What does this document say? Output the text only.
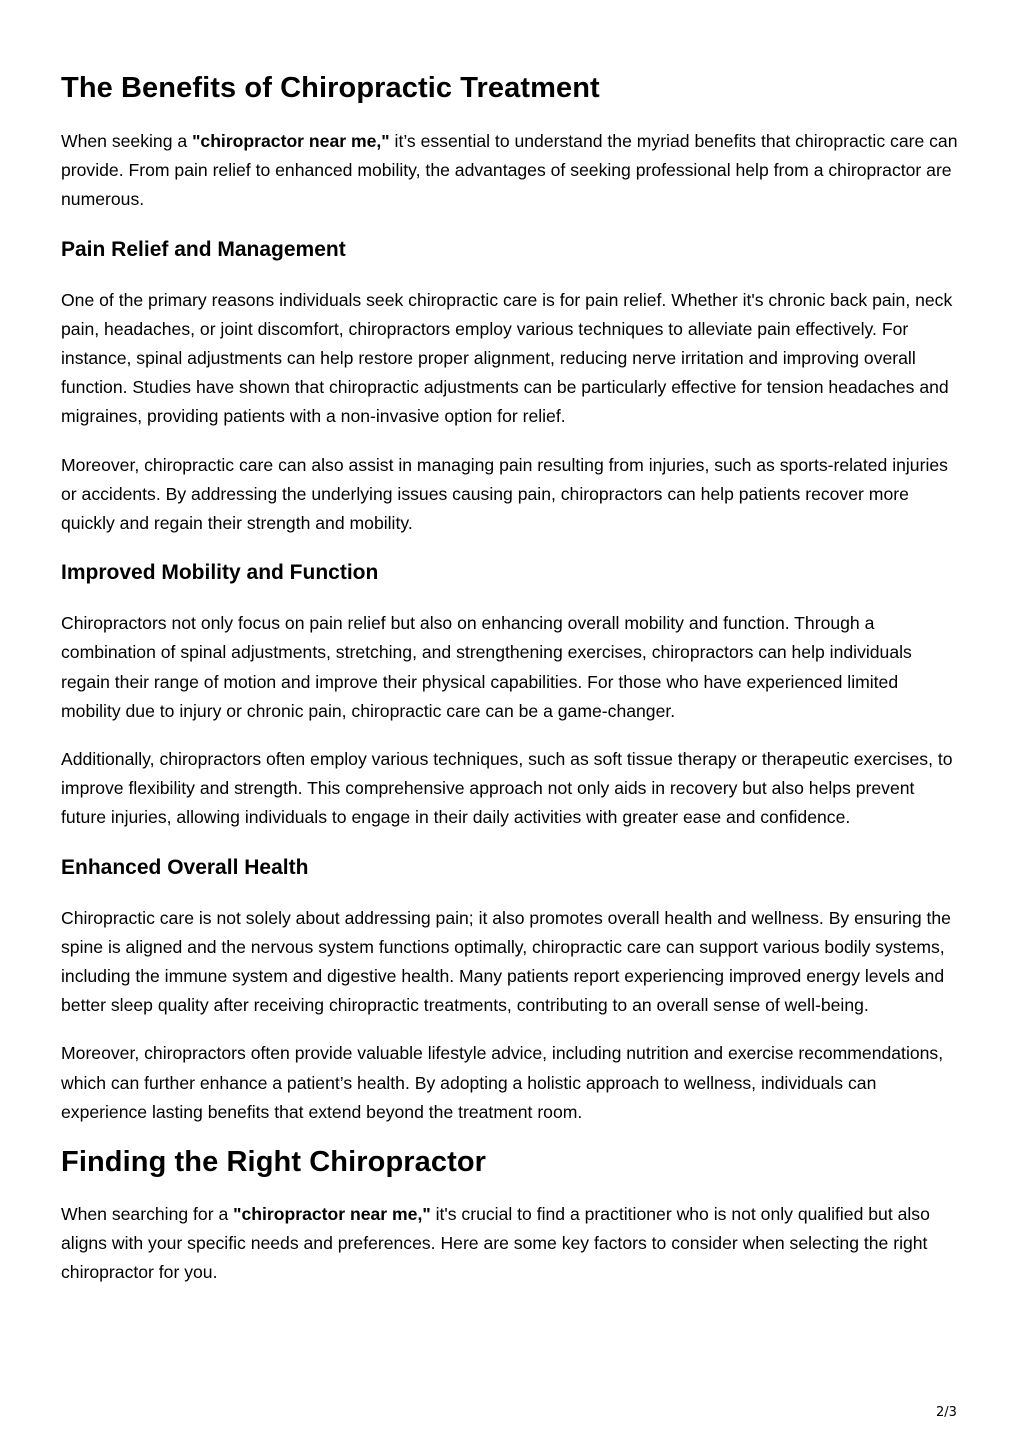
The Benefits of Chiropractic Treatment

When seeking a "chiropractor near me," it’s essential to understand the myriad benefits that chiropractic care can provide. From pain relief to enhanced mobility, the advantages of seeking professional help from a chiropractor are numerous.

Pain Relief and Management

One of the primary reasons individuals seek chiropractic care is for pain relief. Whether it's chronic back pain, neck pain, headaches, or joint discomfort, chiropractors employ various techniques to alleviate pain effectively. For instance, spinal adjustments can help restore proper alignment, reducing nerve irritation and improving overall function. Studies have shown that chiropractic adjustments can be particularly effective for tension headaches and migraines, providing patients with a non-invasive option for relief.

Moreover, chiropractic care can also assist in managing pain resulting from injuries, such as sports-related injuries or accidents. By addressing the underlying issues causing pain, chiropractors can help patients recover more quickly and regain their strength and mobility.

Improved Mobility and Function

Chiropractors not only focus on pain relief but also on enhancing overall mobility and function. Through a combination of spinal adjustments, stretching, and strengthening exercises, chiropractors can help individuals regain their range of motion and improve their physical capabilities. For those who have experienced limited mobility due to injury or chronic pain, chiropractic care can be a game-changer.

Additionally, chiropractors often employ various techniques, such as soft tissue therapy or therapeutic exercises, to improve flexibility and strength. This comprehensive approach not only aids in recovery but also helps prevent future injuries, allowing individuals to engage in their daily activities with greater ease and confidence.

Enhanced Overall Health

Chiropractic care is not solely about addressing pain; it also promotes overall health and wellness. By ensuring the spine is aligned and the nervous system functions optimally, chiropractic care can support various bodily systems, including the immune system and digestive health. Many patients report experiencing improved energy levels and better sleep quality after receiving chiropractic treatments, contributing to an overall sense of well-being.

Moreover, chiropractors often provide valuable lifestyle advice, including nutrition and exercise recommendations, which can further enhance a patient’s health. By adopting a holistic approach to wellness, individuals can experience lasting benefits that extend beyond the treatment room.

Finding the Right Chiropractor

When searching for a "chiropractor near me," it's crucial to find a practitioner who is not only qualified but also aligns with your specific needs and preferences. Here are some key factors to consider when selecting the right chiropractor for you.

2/3
